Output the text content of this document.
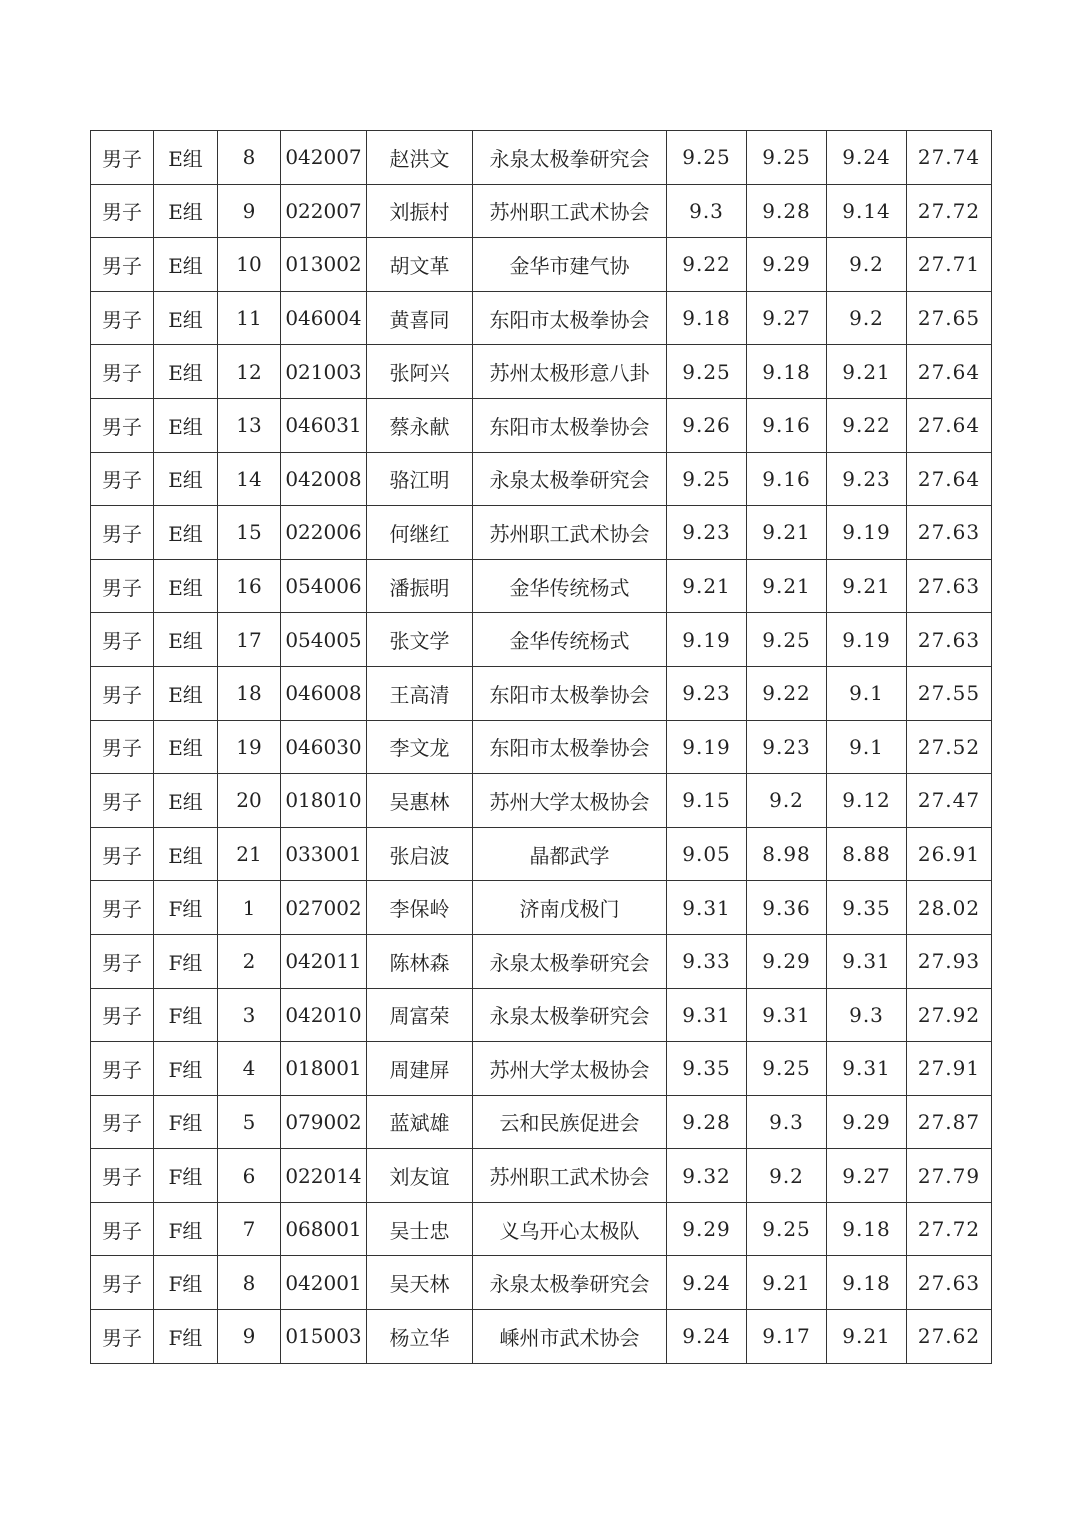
男子	E组	8	042007	赵洪文	永泉太极拳研究会	9.25	9.25	9.24	27.74
男子	E组	9	022007	刘振村	苏州职工武术协会	9.3	9.28	9.14	27.72
男子	E组	10	013002	胡文革	金华市建气协	9.22	9.29	9.2	27.71
男子	E组	11	046004	黄喜同	东阳市太极拳协会	9.18	9.27	9.2	27.65
男子	E组	12	021003	张阿兴	苏州太极形意八卦	9.25	9.18	9.21	27.64
男子	E组	13	046031	蔡永献	东阳市太极拳协会	9.26	9.16	9.22	27.64
男子	E组	14	042008	骆江明	永泉太极拳研究会	9.25	9.16	9.23	27.64
男子	E组	15	022006	何继红	苏州职工武术协会	9.23	9.21	9.19	27.63
男子	E组	16	054006	潘振明	金华传统杨式	9.21	9.21	9.21	27.63
男子	E组	17	054005	张文学	金华传统杨式	9.19	9.25	9.19	27.63
男子	E组	18	046008	王高清	东阳市太极拳协会	9.23	9.22	9.1	27.55
男子	E组	19	046030	李文龙	东阳市太极拳协会	9.19	9.23	9.1	27.52
男子	E组	20	018010	吴惠林	苏州大学太极协会	9.15	9.2	9.12	27.47
男子	E组	21	033001	张启波	晶都武学	9.05	8.98	8.88	26.91
男子	F组	1	027002	李保岭	济南戊极门	9.31	9.36	9.35	28.02
男子	F组	2	042011	陈林森	永泉太极拳研究会	9.33	9.29	9.31	27.93
男子	F组	3	042010	周富荣	永泉太极拳研究会	9.31	9.31	9.3	27.92
男子	F组	4	018001	周建屏	苏州大学太极协会	9.35	9.25	9.31	27.91
男子	F组	5	079002	蓝斌雄	云和民族促进会	9.28	9.3	9.29	27.87
男子	F组	6	022014	刘友谊	苏州职工武术协会	9.32	9.2	9.27	27.79
男子	F组	7	068001	吴士忠	义乌开心太极队	9.29	9.25	9.18	27.72
男子	F组	8	042001	吴天林	永泉太极拳研究会	9.24	9.21	9.18	27.63
男子	F组	9	015003	杨立华	嵊州市武术协会	9.24	9.17	9.21	27.62
